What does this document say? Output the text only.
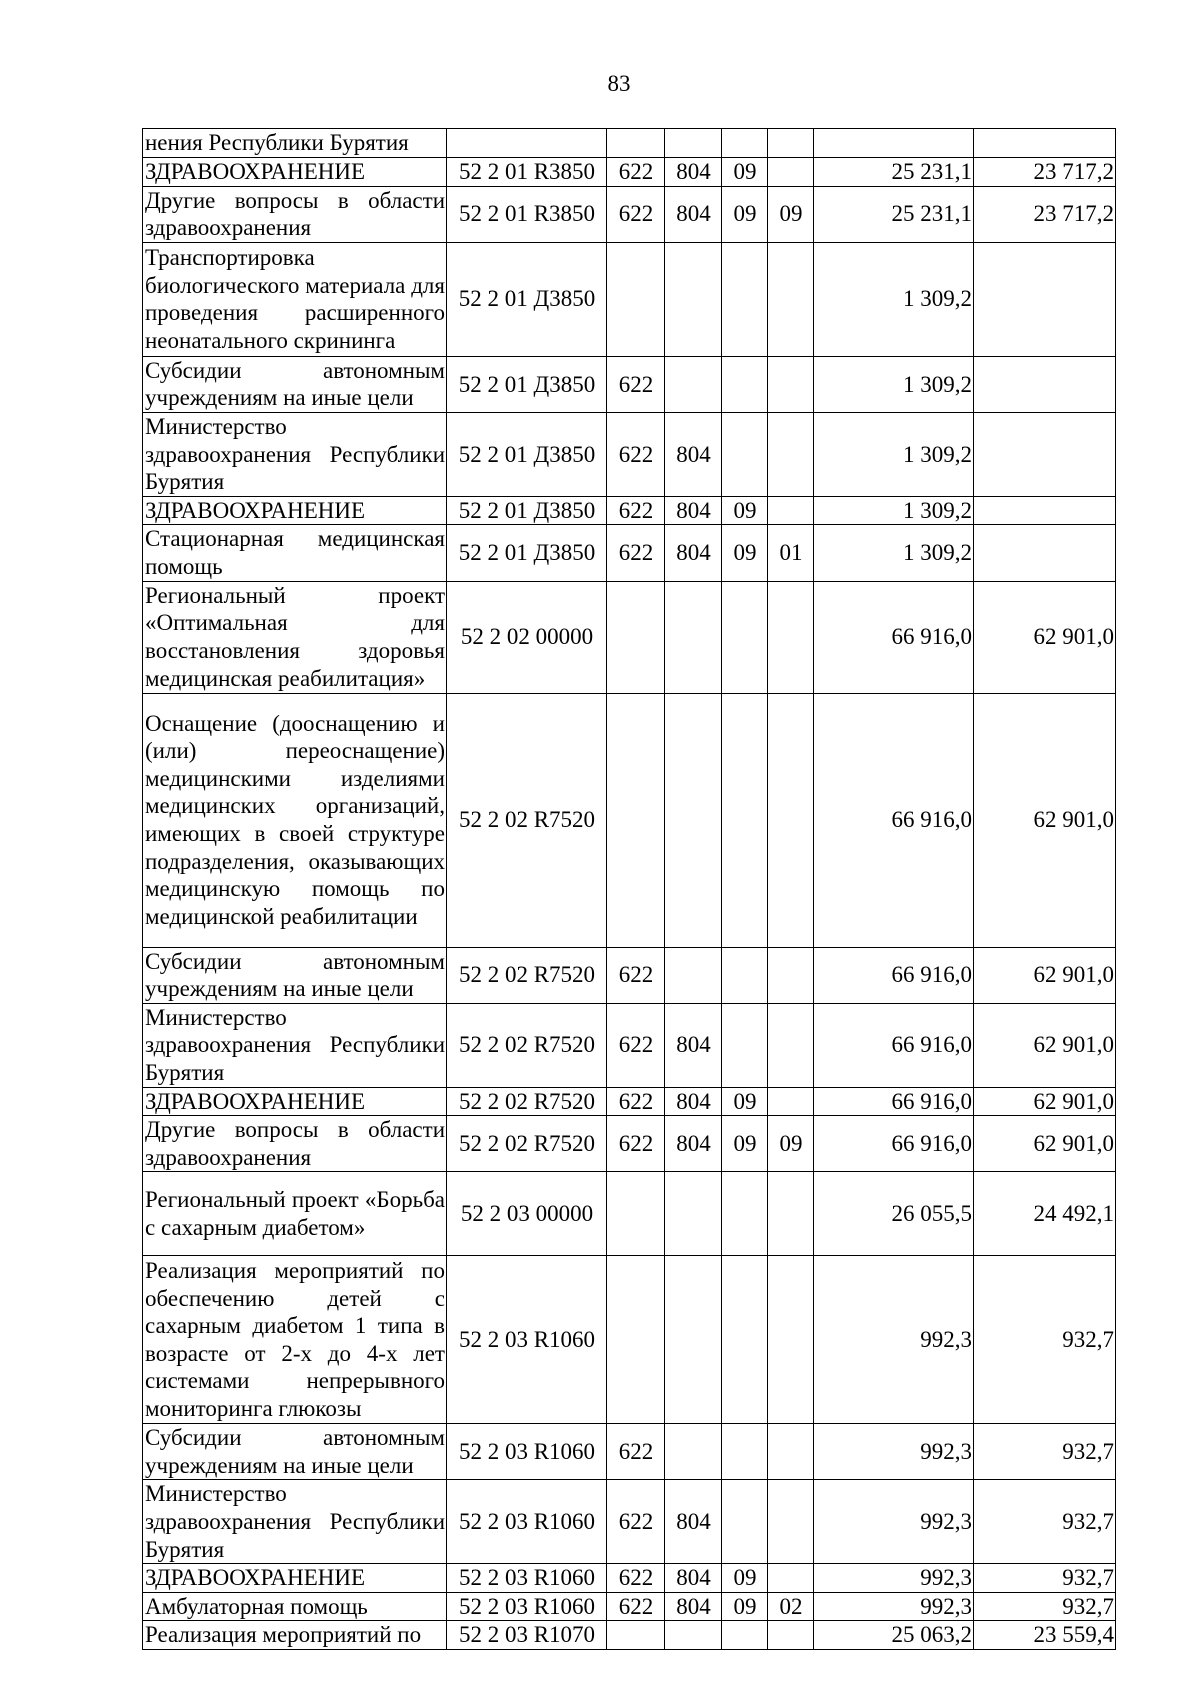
83
нения Республики Бурятия							
ЗДРАВООХРАНЕНИЕ	52 2 01 R3850	622	804	09		25 231,1	23 717,2
Другие вопросы в области здравоохранения	52 2 01 R3850	622	804	09	09	25 231,1	23 717,2
Транспортировка биологического материала для проведения расширенного неонатального скрининга	52 2 01 Д3850					1 309,2	
Субсидии автономным учреждениям на иные цели	52 2 01 Д3850	622				1 309,2	
Министерство здравоохранения Республики Бурятия	52 2 01 Д3850	622	804			1 309,2	
ЗДРАВООХРАНЕНИЕ	52 2 01 Д3850	622	804	09		1 309,2	
Стационарная медицинская помощь	52 2 01 Д3850	622	804	09	01	1 309,2	
Региональный проект «Оптимальная для восстановления здоровья медицинская реабилитация»	52 2 02 00000					66 916,0	62 901,0
Оснащение (дооснащению и (или) переоснащение) медицинскими изделиями медицинских организаций, имеющих в своей структуре подразделения, оказывающих медицинскую помощь по медицинской реабилитации	52 2 02 R7520					66 916,0	62 901,0
Субсидии автономным учреждениям на иные цели	52 2 02 R7520	622				66 916,0	62 901,0
Министерство здравоохранения Республики Бурятия	52 2 02 R7520	622	804			66 916,0	62 901,0
ЗДРАВООХРАНЕНИЕ	52 2 02 R7520	622	804	09		66 916,0	62 901,0
Другие вопросы в области здравоохранения	52 2 02 R7520	622	804	09	09	66 916,0	62 901,0
Региональный проект «Борьба с сахарным диабетом»	52 2 03 00000					26 055,5	24 492,1
Реализация мероприятий по обеспечению детей с сахарным диабетом 1 типа в возрасте от 2-х до 4-х лет системами непрерывного мониторинга глюкозы	52 2 03 R1060					992,3	932,7
Субсидии автономным учреждениям на иные цели	52 2 03 R1060	622				992,3	932,7
Министерство здравоохранения Республики Бурятия	52 2 03 R1060	622	804			992,3	932,7
ЗДРАВООХРАНЕНИЕ	52 2 03 R1060	622	804	09		992,3	932,7
Амбулаторная помощь	52 2 03 R1060	622	804	09	02	992,3	932,7
Реализация мероприятий по	52 2 03 R1070					25 063,2	23 559,4
